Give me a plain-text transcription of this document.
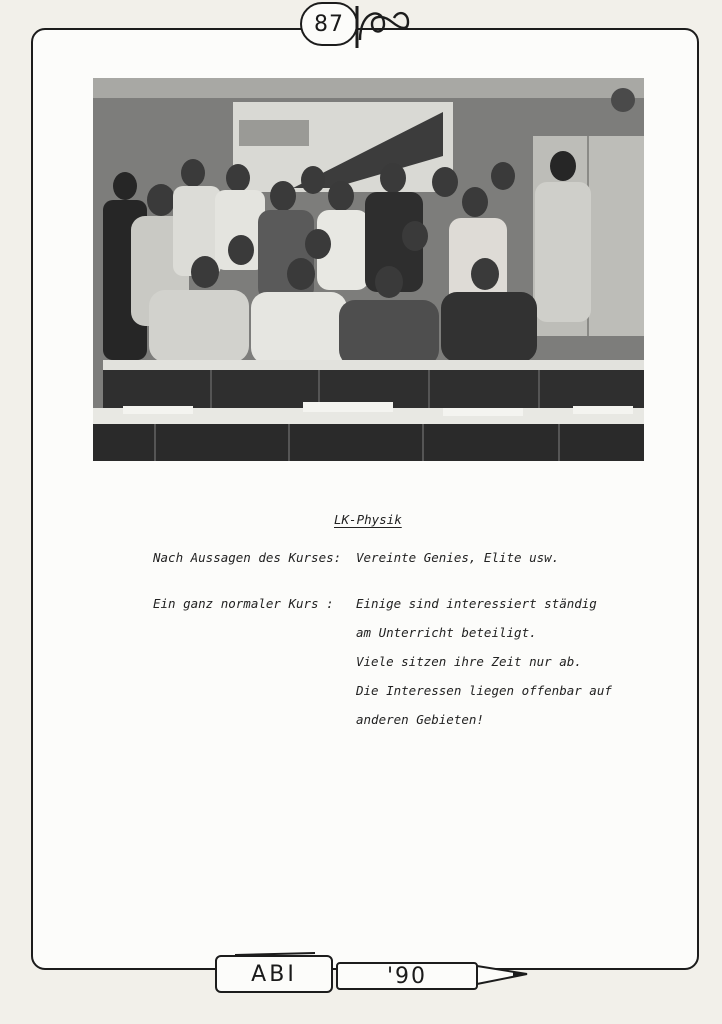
87
LK-Physik
Nach Aussagen des Kurses: Vereinte Genies, Elite usw.
Ein ganz normaler Kurs : Einige sind interessiert ständig
am Unterricht beteiligt.
Viele sitzen ihre Zeit nur ab.
Die Interessen liegen offenbar auf
anderen Gebieten!
ABI	'90
